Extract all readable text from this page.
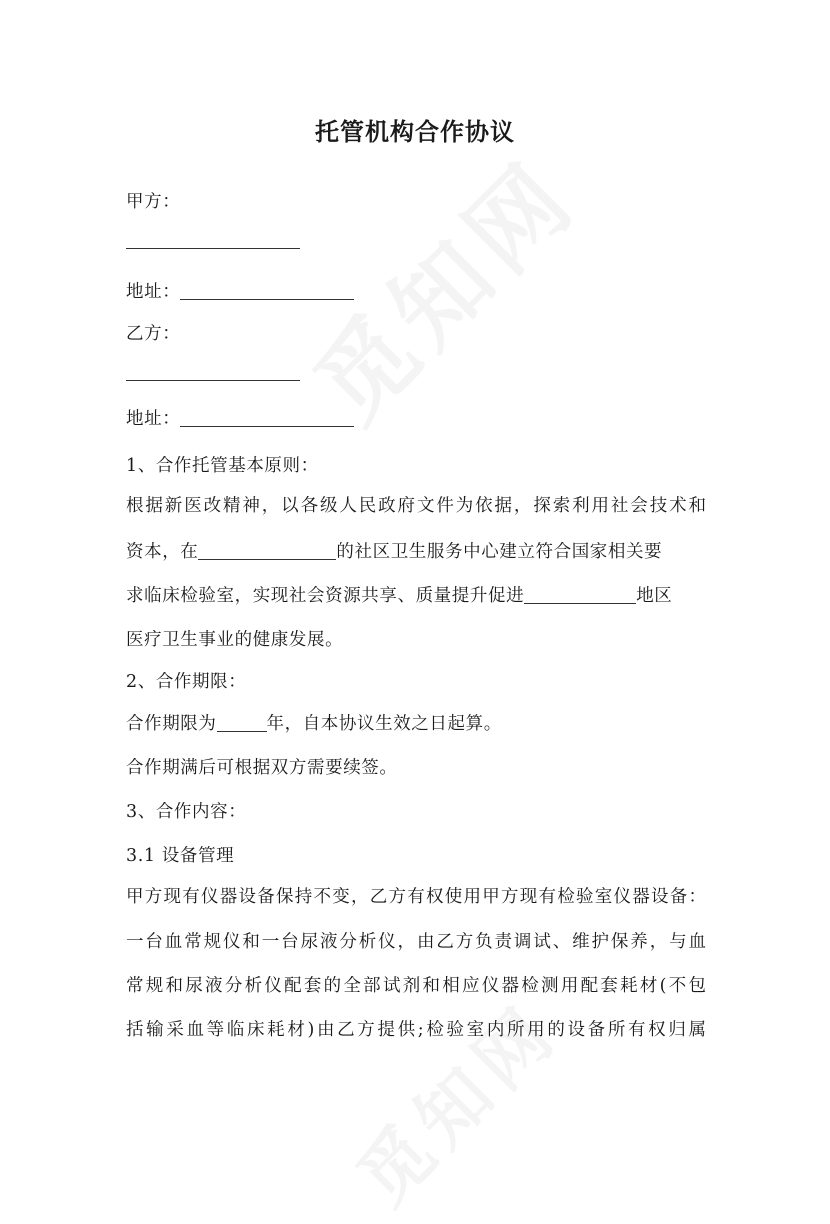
托管机构合作协议
甲方：
地址：
乙方：
地址：
1、合作托管基本原则：
根据新医改精神，以各级人民政府文件为依据，探索利用社会技术和
资本，在	的社区卫生服务中心建立符合国家相关要
求临床检验室，实现社会资源共享、质量提升促进	地区
医疗卫生事业的健康发展。
2、合作期限：
合作期限为	年，自本协议生效之日起算。
合作期满后可根据双方需要续签。
3、合作内容：
3.1 设备管理
甲方现有仪器设备保持不变，乙方有权使用甲方现有检验室仪器设备：
一台血常规仪和一台尿液分析仪，由乙方负责调试、维护保养，与血
常规和尿液分析仪配套的全部试剂和相应仪器检测用配套耗材(不包
括输采血等临床耗材)由乙方提供;检验室内所用的设备所有权归属
